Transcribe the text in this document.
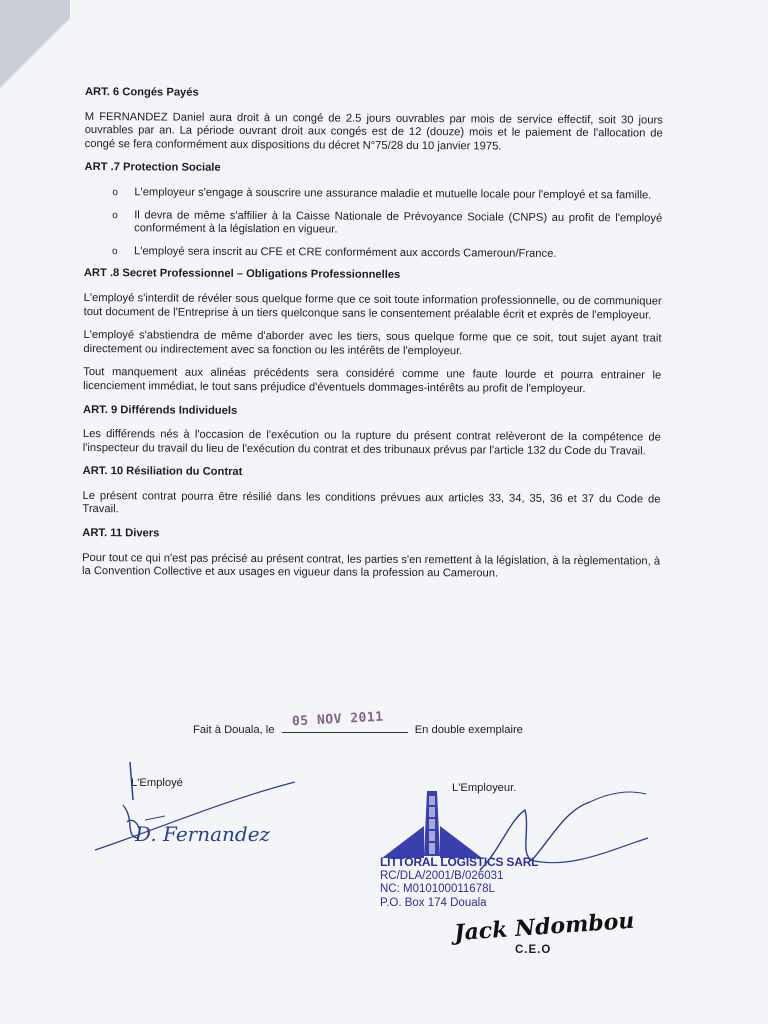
ART. 6 Congés Payés

M FERNANDEZ Daniel aura droit à un congé de 2.5 jours ouvrables par mois de service effectif, soit 30 jours ouvrables par an. La période ouvrant droit aux congés est de 12 (douze) mois et le paiement de l'allocation de congé se fera conformément aux dispositions du décret N°75/28 du 10 janvier 1975.

ART .7 Protection Sociale
o L'employeur s'engage à souscrire une assurance maladie et mutuelle locale pour l'employé et sa famille.
o Il devra de même s'affilier à la Caisse Nationale de Prévoyance Sociale (CNPS) au profit de l'employé conformément à la législation en vigueur.
o L'employé sera inscrit au CFE et CRE conformément aux accords Cameroun/France.
ART .8 Secret Professionnel – Obligations Professionnelles

L'employé s'interdit de révéler sous quelque forme que ce soit toute information professionnelle, ou de communiquer tout document de l'Entreprise à un tiers quelconque sans le consentement préalable écrit et exprès de l'employeur.

L'employé s'abstiendra de même d'aborder avec les tiers, sous quelque forme que ce soit, tout sujet ayant trait directement ou indirectement avec sa fonction ou les intérêts de l'employeur.

Tout manquement aux alinéas précédents sera considéré comme une faute lourde et pourra entrainer le licenciement immédiat, le tout sans préjudice d'éventuels dommages-intérêts au profit de l'employeur.

ART. 9 Différends Individuels

Les différends nés à l'occasion de l'exécution ou la rupture du présent contrat relèveront de la compétence de l'inspecteur du travail du lieu de l'exécution du contrat et des tribunaux prévus par l'article 132 du Code du Travail.

ART. 10 Résiliation du Contrat

Le présent contrat pourra être résilié dans les conditions prévues aux articles 33, 34, 35, 36 et 37 du Code de Travail.

ART. 11 Divers

Pour tout ce qui n'est pas précisé au présent contrat, les parties s'en remettent à la législation, à la règlementation, à la Convention Collective et aux usages en vigueur dans la profession au Cameroun.

Fait à Douala, le
05 NOV 2011
En double exemplaire
L'Employé
D. Fernandez
L'Employeur.
LITTORAL LOGISTICS SARL
RC/DLA/2001/B/026031
NC: M010100011678L
P.O. Box 174 Douala
Jack Ndombou
C.E.O
